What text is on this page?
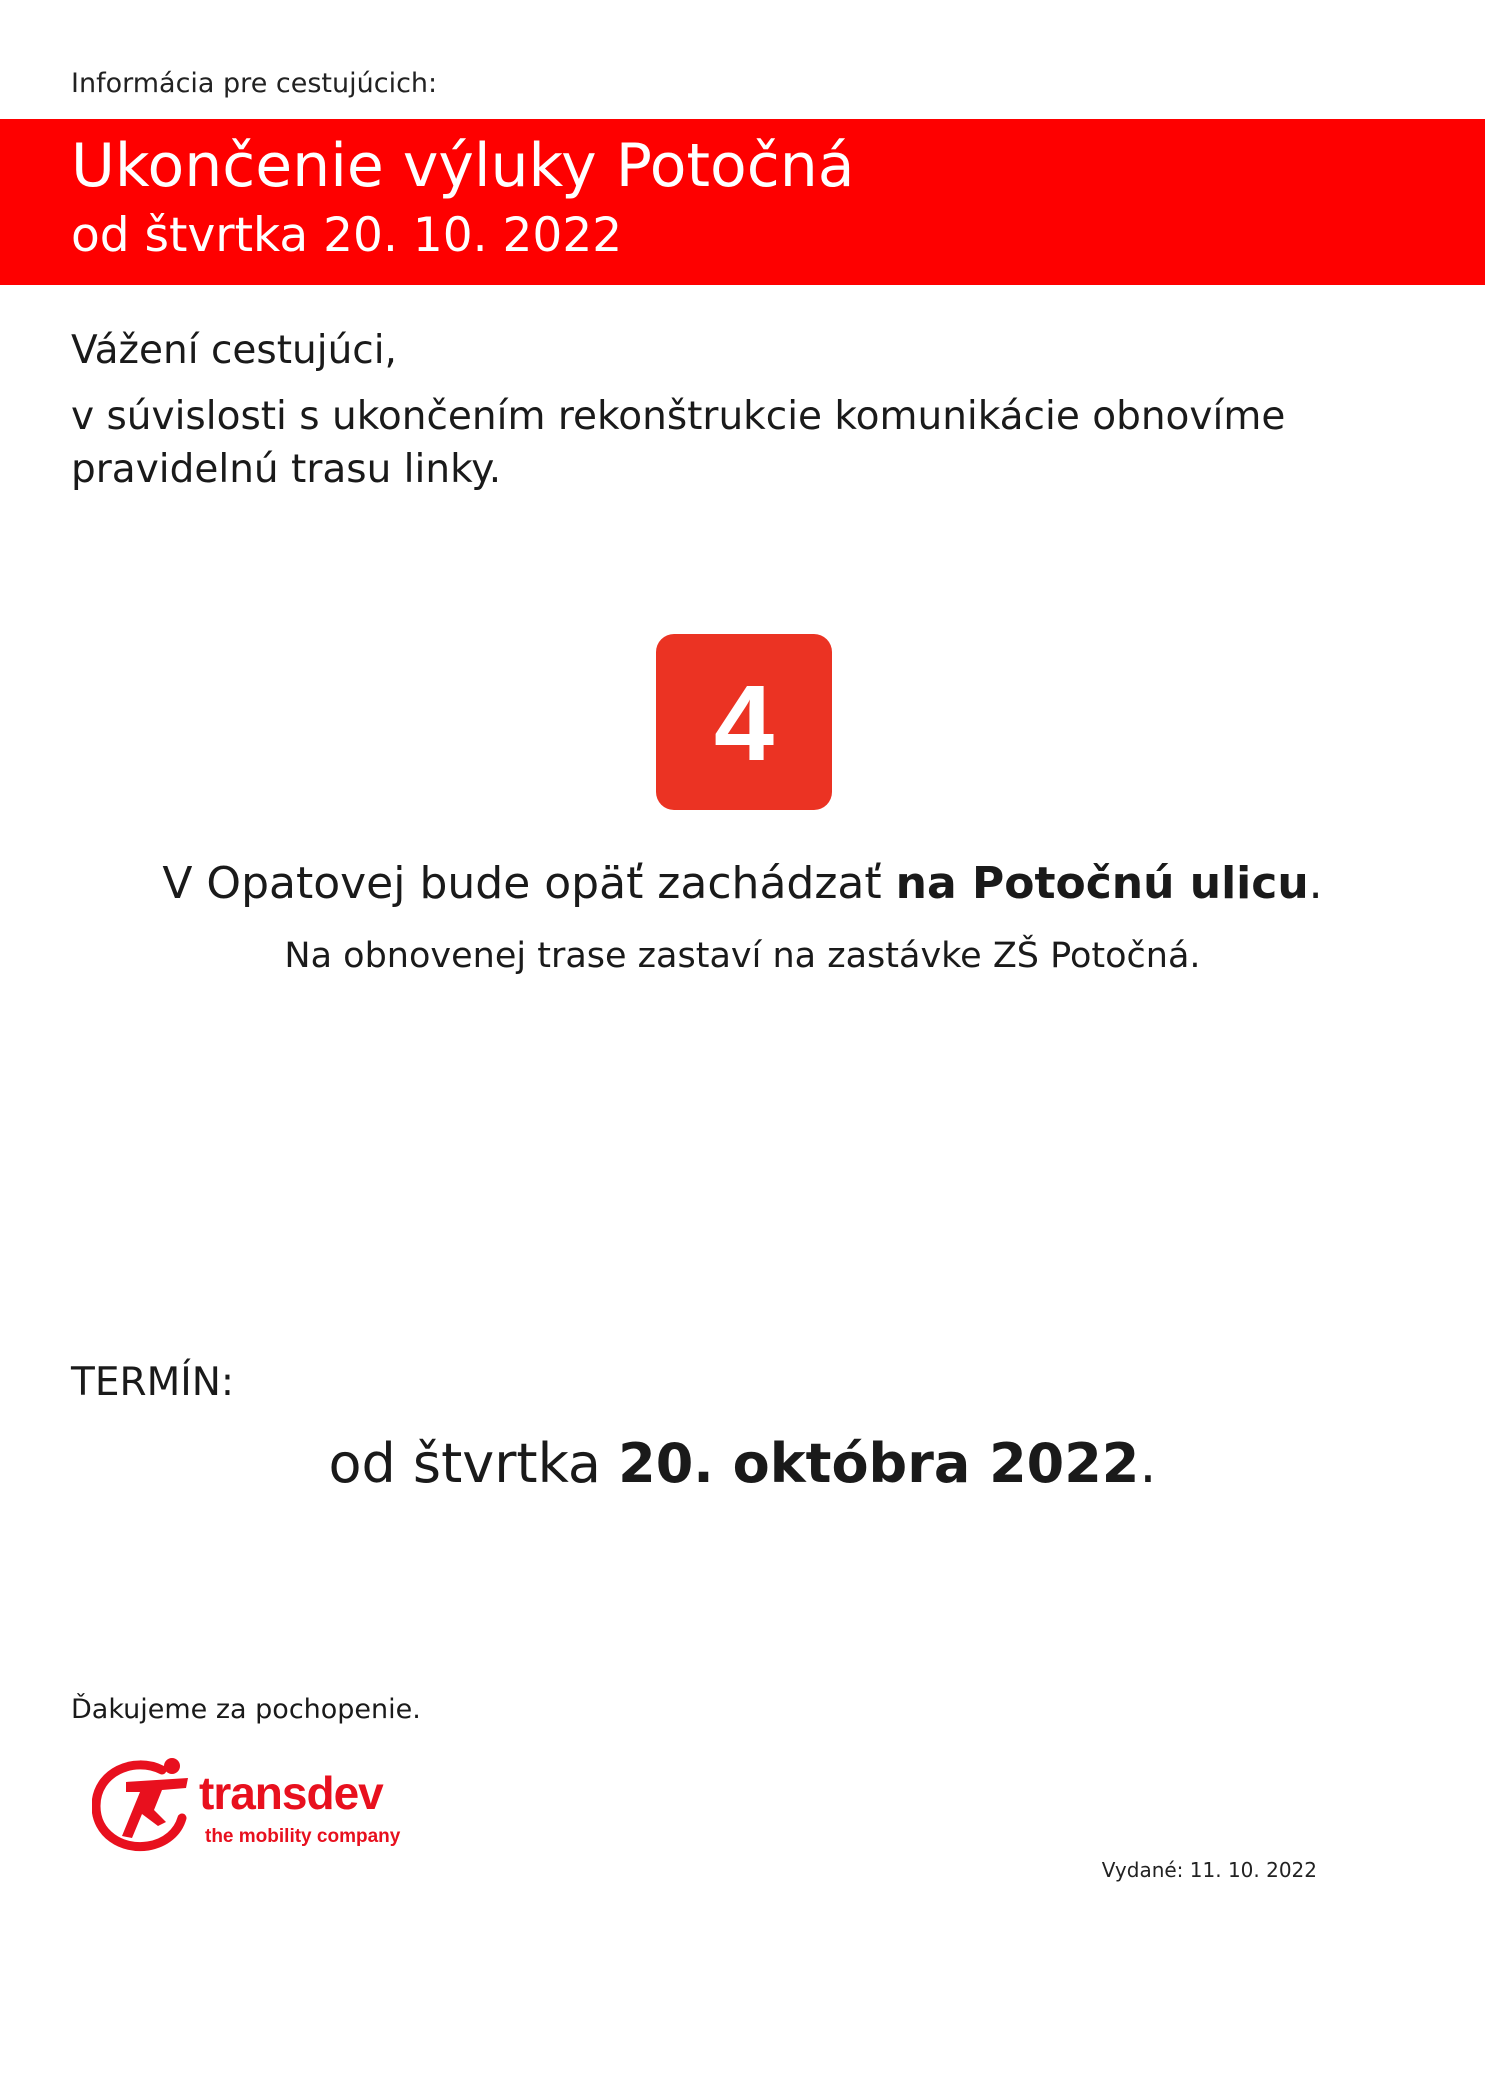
Informácia pre cestujúcich:
Ukončenie výluky Potočná
od štvrtka 20. 10. 2022
Vážení cestujúci,
v súvislosti s ukončením rekonštrukcie komunikácie obnovíme pravidelnú trasu linky.
4
V Opatovej bude opäť zachádzať na Potočnú ulicu.
Na obnovenej trase zastaví na zastávke ZŠ Potočná.
TERMÍN:
od štvrtka 20. októbra 2022.
Ďakujeme za pochopenie.
transdev
the mobility company
Vydané: 11. 10. 2022
